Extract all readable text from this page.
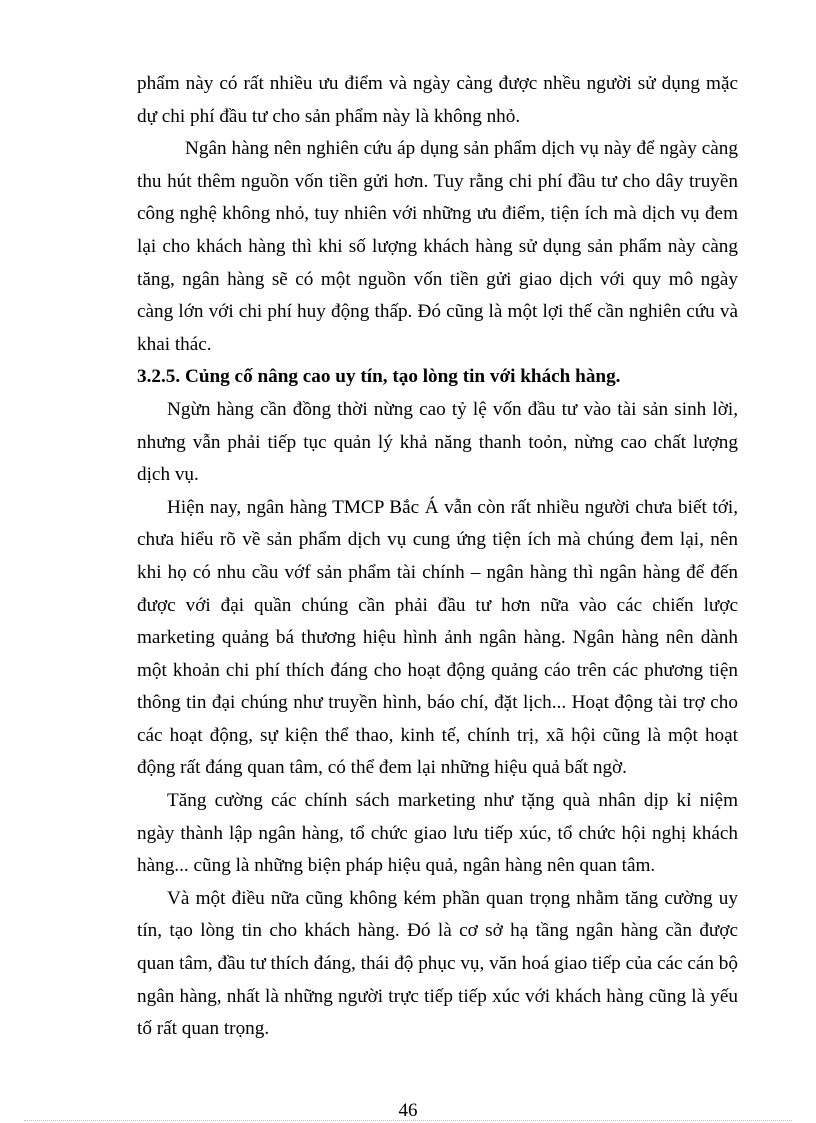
phẩm này có rất nhiều ưu điểm và ngày càng được nhều người sử dụng mặc dự chi phí đầu tư cho sản phẩm này là không nhỏ.

Ngân hàng nên nghiên cứu áp dụng sản phẩm dịch vụ này để ngày càng thu hút thêm nguồn vốn tiền gửi hơn. Tuy rằng chi phí đầu tư cho dây truyền công nghệ không nhỏ, tuy nhiên với những ưu điểm, tiện ích mà dịch vụ đem lại cho khách hàng thì khi số lượng khách hàng sử dụng sản phẩm này càng tăng, ngân hàng sẽ có một nguồn vốn tiền gửi giao dịch với quy mô ngày càng lớn với chi phí huy động thấp. Đó cũng là một lợi thế cần nghiên cứu và khai thác.

3.2.5. Củng cố nâng cao uy tín, tạo lòng tin với khách hàng.

Ngừn hàng cần đồng thời nừng cao tỷ lệ vốn đầu tư vào tài sản sinh lời, nhưng vẫn phải tiếp tục quản lý khả năng thanh toỏn, nừng cao chất lượng dịch vụ.

Hiện nay, ngân hàng TMCP Bắc Á vẫn còn rất nhiều người chưa biết tới, chưa hiểu rõ về sản phẩm dịch vụ cung ứng tiện ích mà chúng đem lại, nên khi họ có nhu cầu vớf sản phẩm tài chính – ngân hàng thì ngân hàng để đến được với đại quần chúng cần phải đầu tư hơn nữa vào các chiến lược marketing quảng bá thương hiệu hình ảnh ngân hàng. Ngân hàng nên dành một khoản chi phí thích đáng cho hoạt động quảng cáo trên các phương tiện thông tin đại chúng như truyền hình, báo chí, đặt lịch... Hoạt động tài trợ cho các hoạt động, sự kiện thể thao, kinh tế, chính trị, xã hội cũng là một hoạt động rất đáng quan tâm, có thể đem lại những hiệu quả bất ngờ.

Tăng cường các chính sách marketing như tặng quà nhân dịp kỉ niệm ngày thành lập ngân hàng, tổ chức giao lưu tiếp xúc, tổ chức hội nghị khách hàng... cũng là những biện pháp hiệu quả, ngân hàng nên quan tâm.

Và một điều nữa cũng không kém phần quan trọng nhằm tăng cường uy tín, tạo lòng tin cho khách hàng. Đó là cơ sở hạ tầng ngân hàng cần được quan tâm, đầu tư thích đáng, thái độ phục vụ, văn hoá giao tiếp của các cán bộ ngân hàng, nhất là những người trực tiếp tiếp xúc với khách hàng cũng là yếu tố rất quan trọng.

46
